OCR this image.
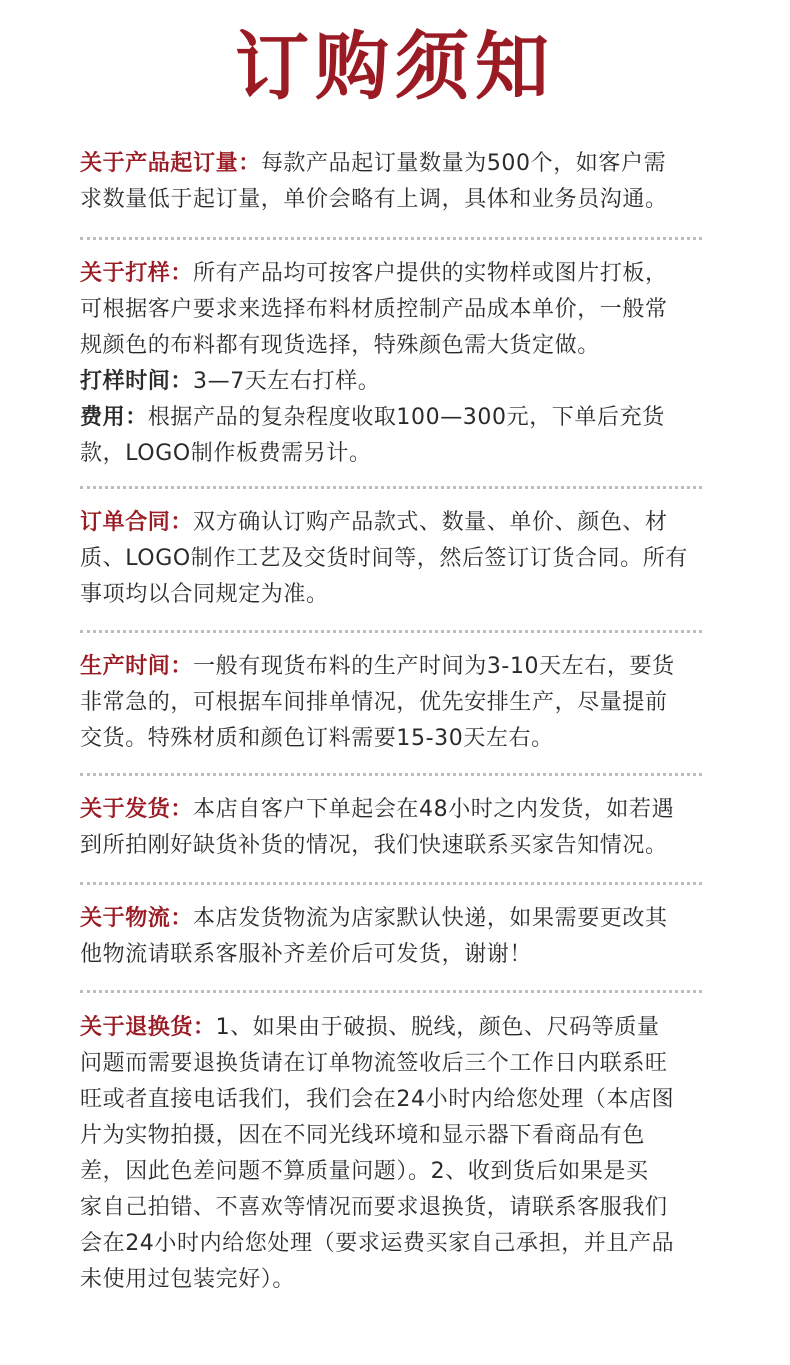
订购须知
关于产品起订量：每款产品起订量数量为500个，如客户需
求数量低于起订量，单价会略有上调，具体和业务员沟通。
关于打样：所有产品均可按客户提供的实物样或图片打板，
可根据客户要求来选择布料材质控制产品成本单价，一般常
规颜色的布料都有现货选择，特殊颜色需大货定做。
打样时间：3—7天左右打样。
费用：根据产品的复杂程度收取100—300元，下单后充货
款，LOGO制作板费需另计。
订单合同：双方确认订购产品款式、数量、单价、颜色、材
质、LOGO制作工艺及交货时间等，然后签订订货合同。所有
事项均以合同规定为准。
生产时间：一般有现货布料的生产时间为3-10天左右，要货
非常急的，可根据车间排单情况，优先安排生产，尽量提前
交货。特殊材质和颜色订料需要15-30天左右。
关于发货：本店自客户下单起会在48小时之内发货，如若遇
到所拍刚好缺货补货的情况，我们快速联系买家告知情况。
关于物流：本店发货物流为店家默认快递，如果需要更改其
他物流请联系客服补齐差价后可发货，谢谢！
关于退换货：1、如果由于破损、脱线，颜色、尺码等质量
问题而需要退换货请在订单物流签收后三个工作日内联系旺
旺或者直接电话我们，我们会在24小时内给您处理（本店图
片为实物拍摄，因在不同光线环境和显示器下看商品有色
差，因此色差问题不算质量问题）。2、收到货后如果是买
家自己拍错、不喜欢等情况而要求退换货，请联系客服我们
会在24小时内给您处理（要求运费买家自己承担，并且产品
未使用过包装完好）。
